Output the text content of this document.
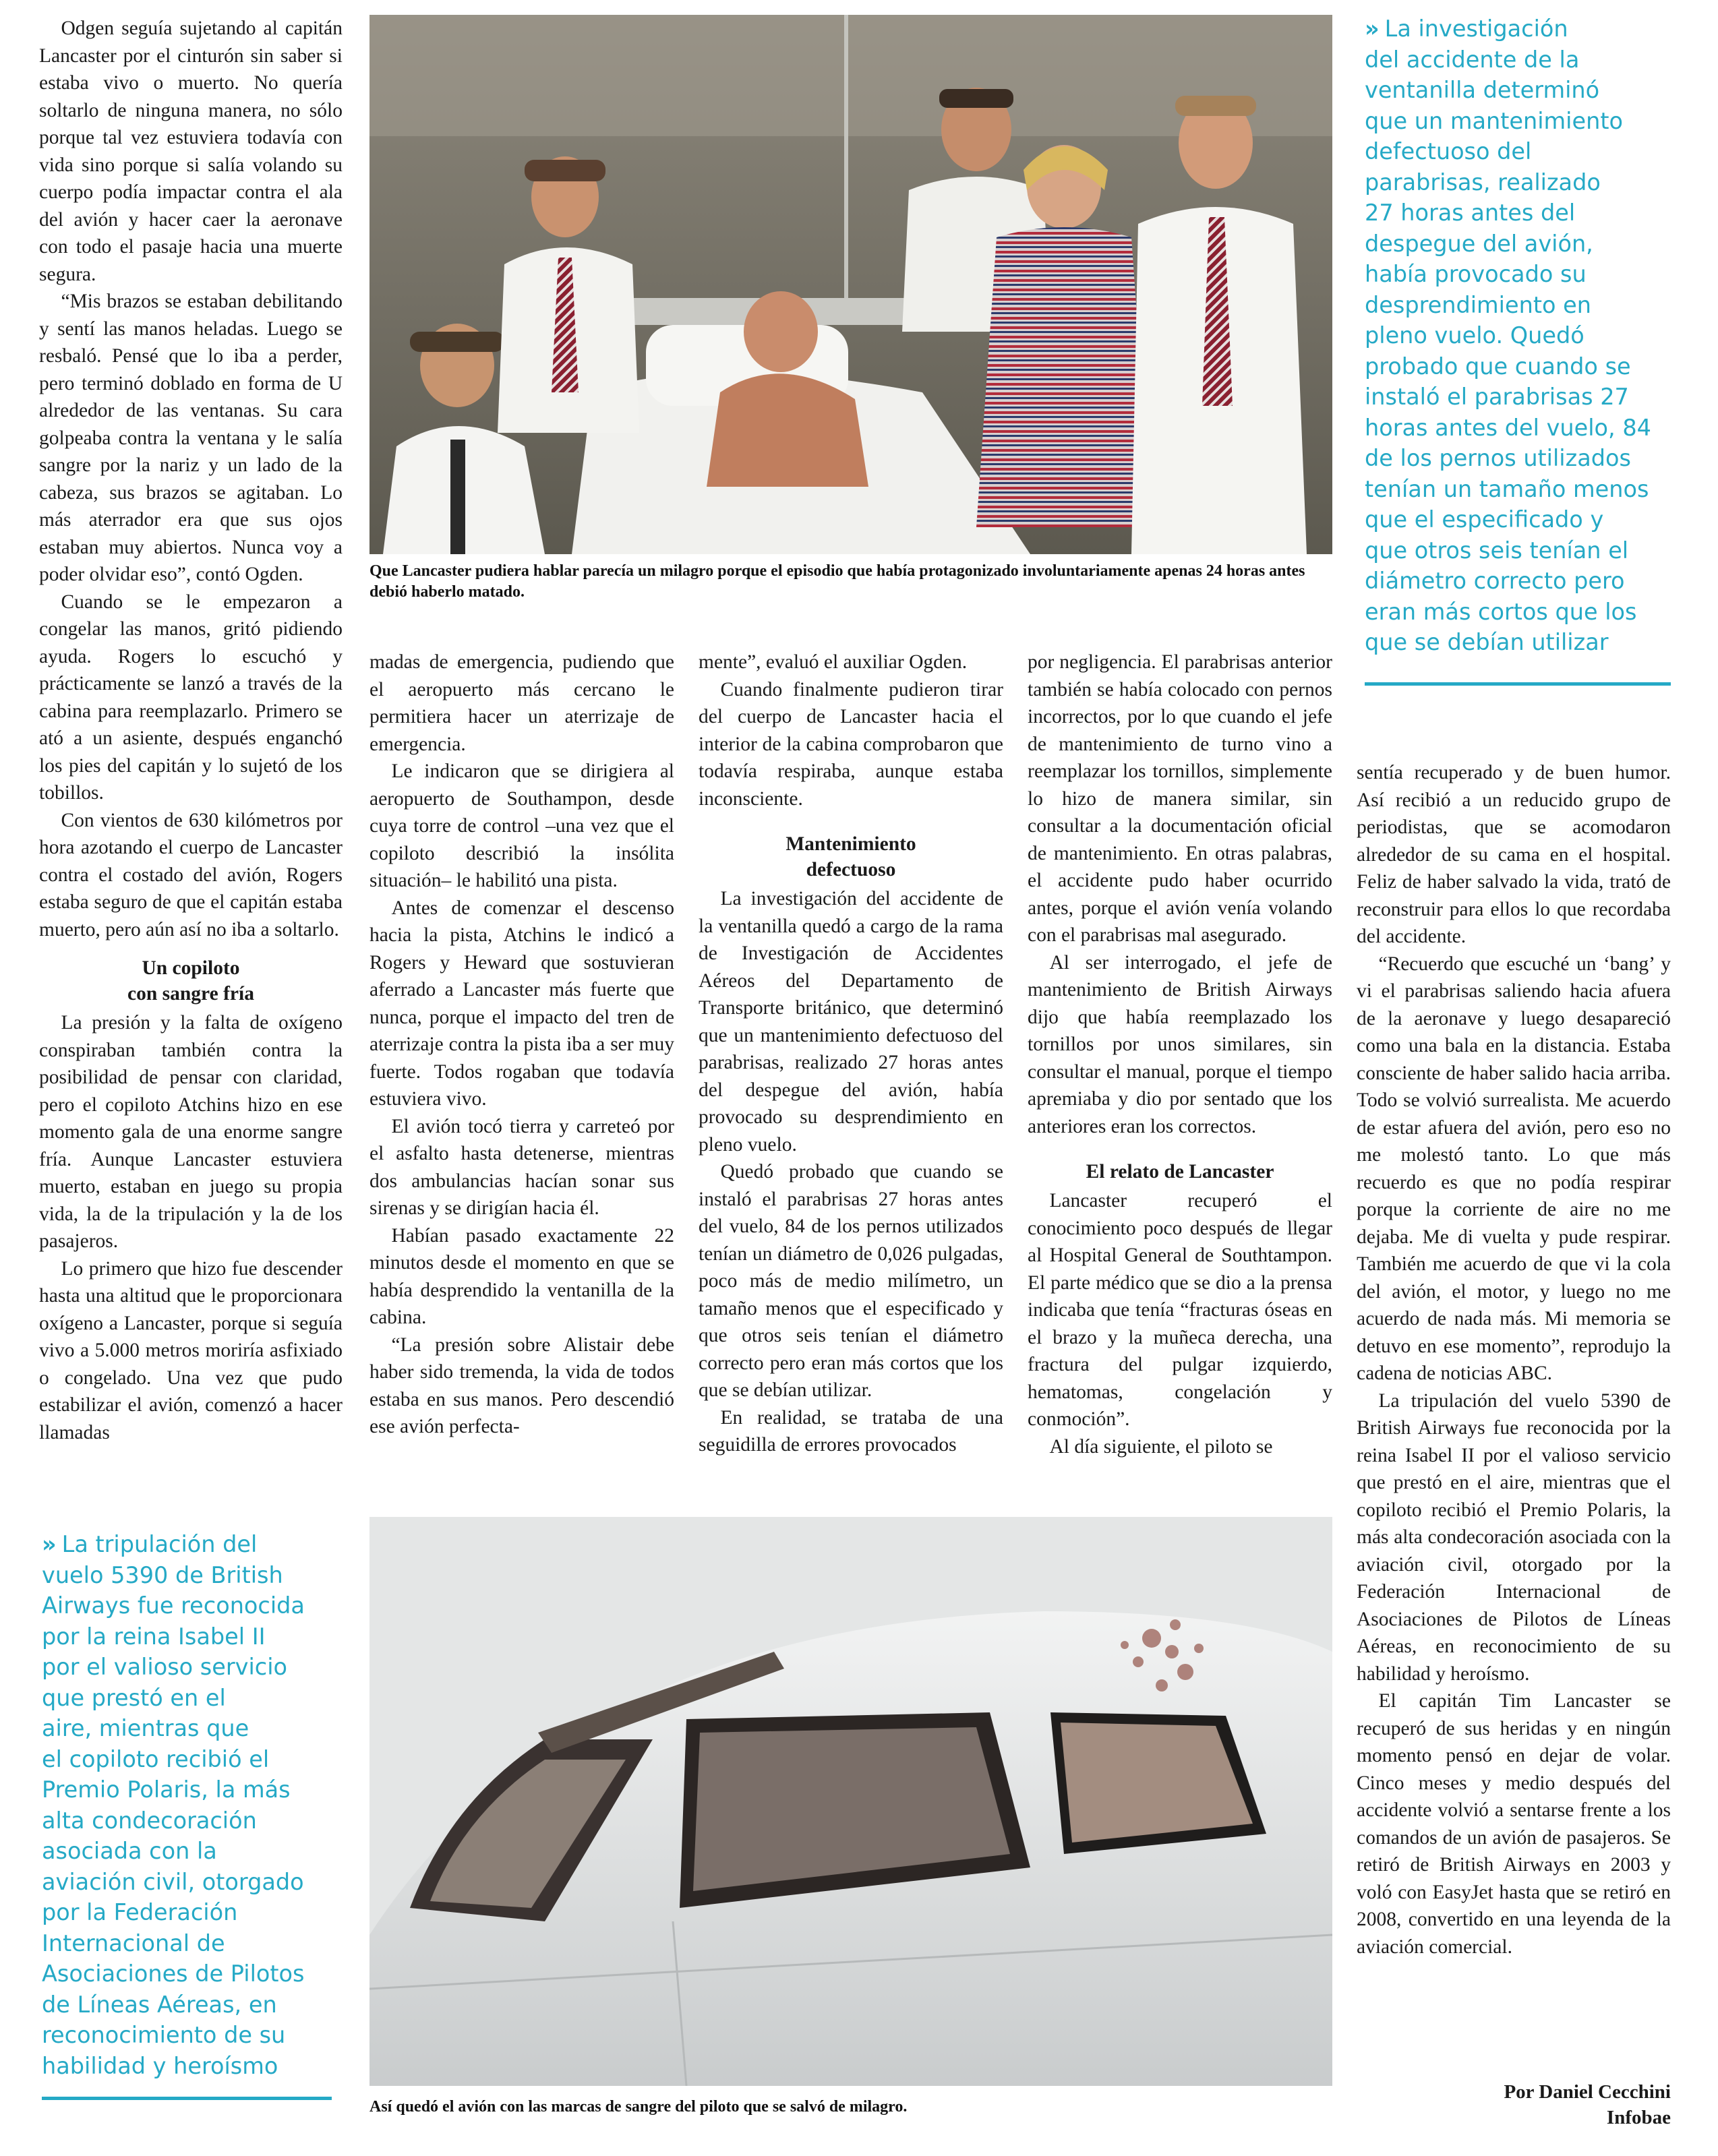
Odgen seguía sujetando al capitán Lancaster por el cinturón sin saber si estaba vivo o muerto. No quería soltarlo de ninguna manera, no sólo porque tal vez estuviera todavía con vida sino porque si salía volando su cuerpo podía impactar contra el ala del avión y hacer caer la aeronave con todo el pasaje hacia una muerte segura.

“Mis brazos se estaban debilitando y sentí las manos heladas. Luego se resbaló. Pensé que lo iba a perder, pero terminó doblado en forma de U alrededor de las ventanas. Su cara golpeaba contra la ventana y le salía sangre por la nariz y un lado de la cabeza, sus brazos se agitaban. Lo más aterrador era que sus ojos estaban muy abiertos. Nunca voy a poder olvidar eso”, contó Ogden.

Cuando se le empezaron a congelar las manos, gritó pidiendo ayuda. Rogers lo escuchó y prácticamente se lanzó a través de la cabina para reemplazarlo. Primero se ató a un asiente, después enganchó los pies del capitán y lo sujetó de los tobillos.

Con vientos de 630 kilómetros por hora azotando el cuerpo de Lancaster contra el costado del avión, Rogers estaba seguro de que el capitán estaba muerto, pero aún así no iba a soltarlo.

Un copiloto
con sangre fría

La presión y la falta de oxígeno conspiraban también contra la posibilidad de pensar con claridad, pero el copiloto Atchins hizo en ese momento gala de una enorme sangre fría. Aunque Lancaster estuviera muerto, estaban en juego su propia vida, la de la tripulación y la de los pasajeros.

Lo primero que hizo fue descender hasta una altitud que le proporcionara oxígeno a Lancaster, porque si seguía vivo a 5.000 metros moriría asfixiado o congelado. Una vez que pudo estabilizar el avión, comenzó a hacer llamadas

Que Lancaster pudiera hablar parecía un milagro porque el episodio que había protagonizado involuntariamente apenas 24 horas antes debió haberlo matado.
» La investigación
del accidente de la
ventanilla determinó
que un mantenimiento
defectuoso del
parabrisas, realizado
27 horas antes del
despegue del avión,
había provocado su
desprendimiento en
pleno vuelo. Quedó
probado que cuando se
instaló el parabrisas 27
horas antes del vuelo, 84
de los pernos utilizados
tenían un tamaño menos
que el especificado y
que otros seis tenían el
diámetro correcto pero
eran más cortos que los
que se debían utilizar

madas de emergencia, pudiendo que el aeropuerto más cercano le permitiera hacer un aterrizaje de emergencia.

Le indicaron que se dirigiera al aeropuerto de Southampon, desde cuya torre de control –una vez que el copiloto describió la insólita situación– le habilitó una pista.

Antes de comenzar el descenso hacia la pista, Atchins le indicó a Rogers y Heward que sostuvieran aferrado a Lancaster más fuerte que nunca, porque el impacto del tren de aterrizaje contra la pista iba a ser muy fuerte. Todos rogaban que todavía estuviera vivo.

El avión tocó tierra y carreteó por el asfalto hasta detenerse, mientras dos ambulancias hacían sonar sus sirenas y se dirigían hacia él.

Habían pasado exactamente 22 minutos desde el momento en que se había desprendido la ventanilla de la cabina.

“La presión sobre Alistair debe haber sido tremenda, la vida de todos estaba en sus manos. Pero descendió ese avión perfecta-

mente”, evaluó el auxiliar Ogden.

Cuando finalmente pudieron tirar del cuerpo de Lancaster hacia el interior de la cabina comprobaron que todavía respiraba, aunque estaba inconsciente.

Mantenimiento
defectuoso

La investigación del accidente de la ventanilla quedó a cargo de la rama de Investigación de Accidentes Aéreos del Departamento de Transporte británico, que determinó que un mantenimiento defectuoso del parabrisas, realizado 27 horas antes del despegue del avión, había provocado su desprendimiento en pleno vuelo.

Quedó probado que cuando se instaló el parabrisas 27 horas antes del vuelo, 84 de los pernos utilizados tenían un diámetro de 0,026 pulgadas, poco más de medio milímetro, un tamaño menos que el especificado y que otros seis tenían el diámetro correcto pero eran más cortos que los que se debían utilizar.

En realidad, se trataba de una seguidilla de errores provocados

por negligencia. El parabrisas anterior también se había colocado con pernos incorrectos, por lo que cuando el jefe de mantenimiento de turno vino a reemplazar los tornillos, simplemente lo hizo de manera similar, sin consultar a la documentación oficial de mantenimiento. En otras palabras, el accidente pudo haber ocurrido antes, porque el avión venía volando con el parabrisas mal asegurado.

Al ser interrogado, el jefe de mantenimiento de British Airways dijo que había reemplazado los tornillos por unos similares, sin consultar el manual, porque el tiempo apremiaba y dio por sentado que los anteriores eran los correctos.

El relato de Lancaster

Lancaster recuperó el conocimiento poco después de llegar al Hospital General de Southtampon. El parte médico que se dio a la prensa indicaba que tenía “fracturas óseas en el brazo y la muñeca derecha, una fractura del pulgar izquierdo, hematomas, congelación y conmoción”.

Al día siguiente, el piloto se

sentía recuperado y de buen humor. Así recibió a un reducido grupo de periodistas, que se acomodaron alrededor de su cama en el hospital. Feliz de haber salvado la vida, trató de reconstruir para ellos lo que recordaba del accidente.

“Recuerdo que escuché un ‘bang’ y vi el parabrisas saliendo hacia afuera de la aeronave y luego desapareció como una bala en la distancia. Estaba consciente de haber salido hacia arriba. Todo se volvió surrealista. Me acuerdo de estar afuera del avión, pero eso no me molestó tanto. Lo que más recuerdo es que no podía respirar porque la corriente de aire no me dejaba. Me di vuelta y pude respirar. También me acuerdo de que vi la cola del avión, el motor, y luego no me acuerdo de nada más. Mi memoria se detuvo en ese momento”, reprodujo la cadena de noticias ABC.

La tripulación del vuelo 5390 de British Airways fue reconocida por la reina Isabel II por el valioso servicio que prestó en el aire, mientras que el copiloto recibió el Premio Polaris, la más alta condecoración asociada con la aviación civil, otorgado por la Federación Internacional de Asociaciones de Pilotos de Líneas Aéreas, en reconocimiento de su habilidad y heroísmo.

El capitán Tim Lancaster se recuperó de sus heridas y en ningún momento pensó en dejar de volar. Cinco meses y medio después del accidente volvió a sentarse frente a los comandos de un avión de pasajeros. Se retiró de British Airways en 2003 y voló con EasyJet hasta que se retiró en 2008, convertido en una leyenda de la aviación comercial.

» La tripulación del
vuelo 5390 de British
Airways fue reconocida
por la reina Isabel II
por el valioso servicio
que prestó en el
aire, mientras que
el copiloto recibió el
Premio Polaris, la más
alta condecoración
asociada con la
aviación civil, otorgado
por la Federación
Internacional de
Asociaciones de Pilotos
de Líneas Aéreas, en
reconocimiento de su
habilidad y heroísmo
Así quedó el avión con las marcas de sangre del piloto que se salvó de milagro.
Por Daniel Cecchini
Infobae
